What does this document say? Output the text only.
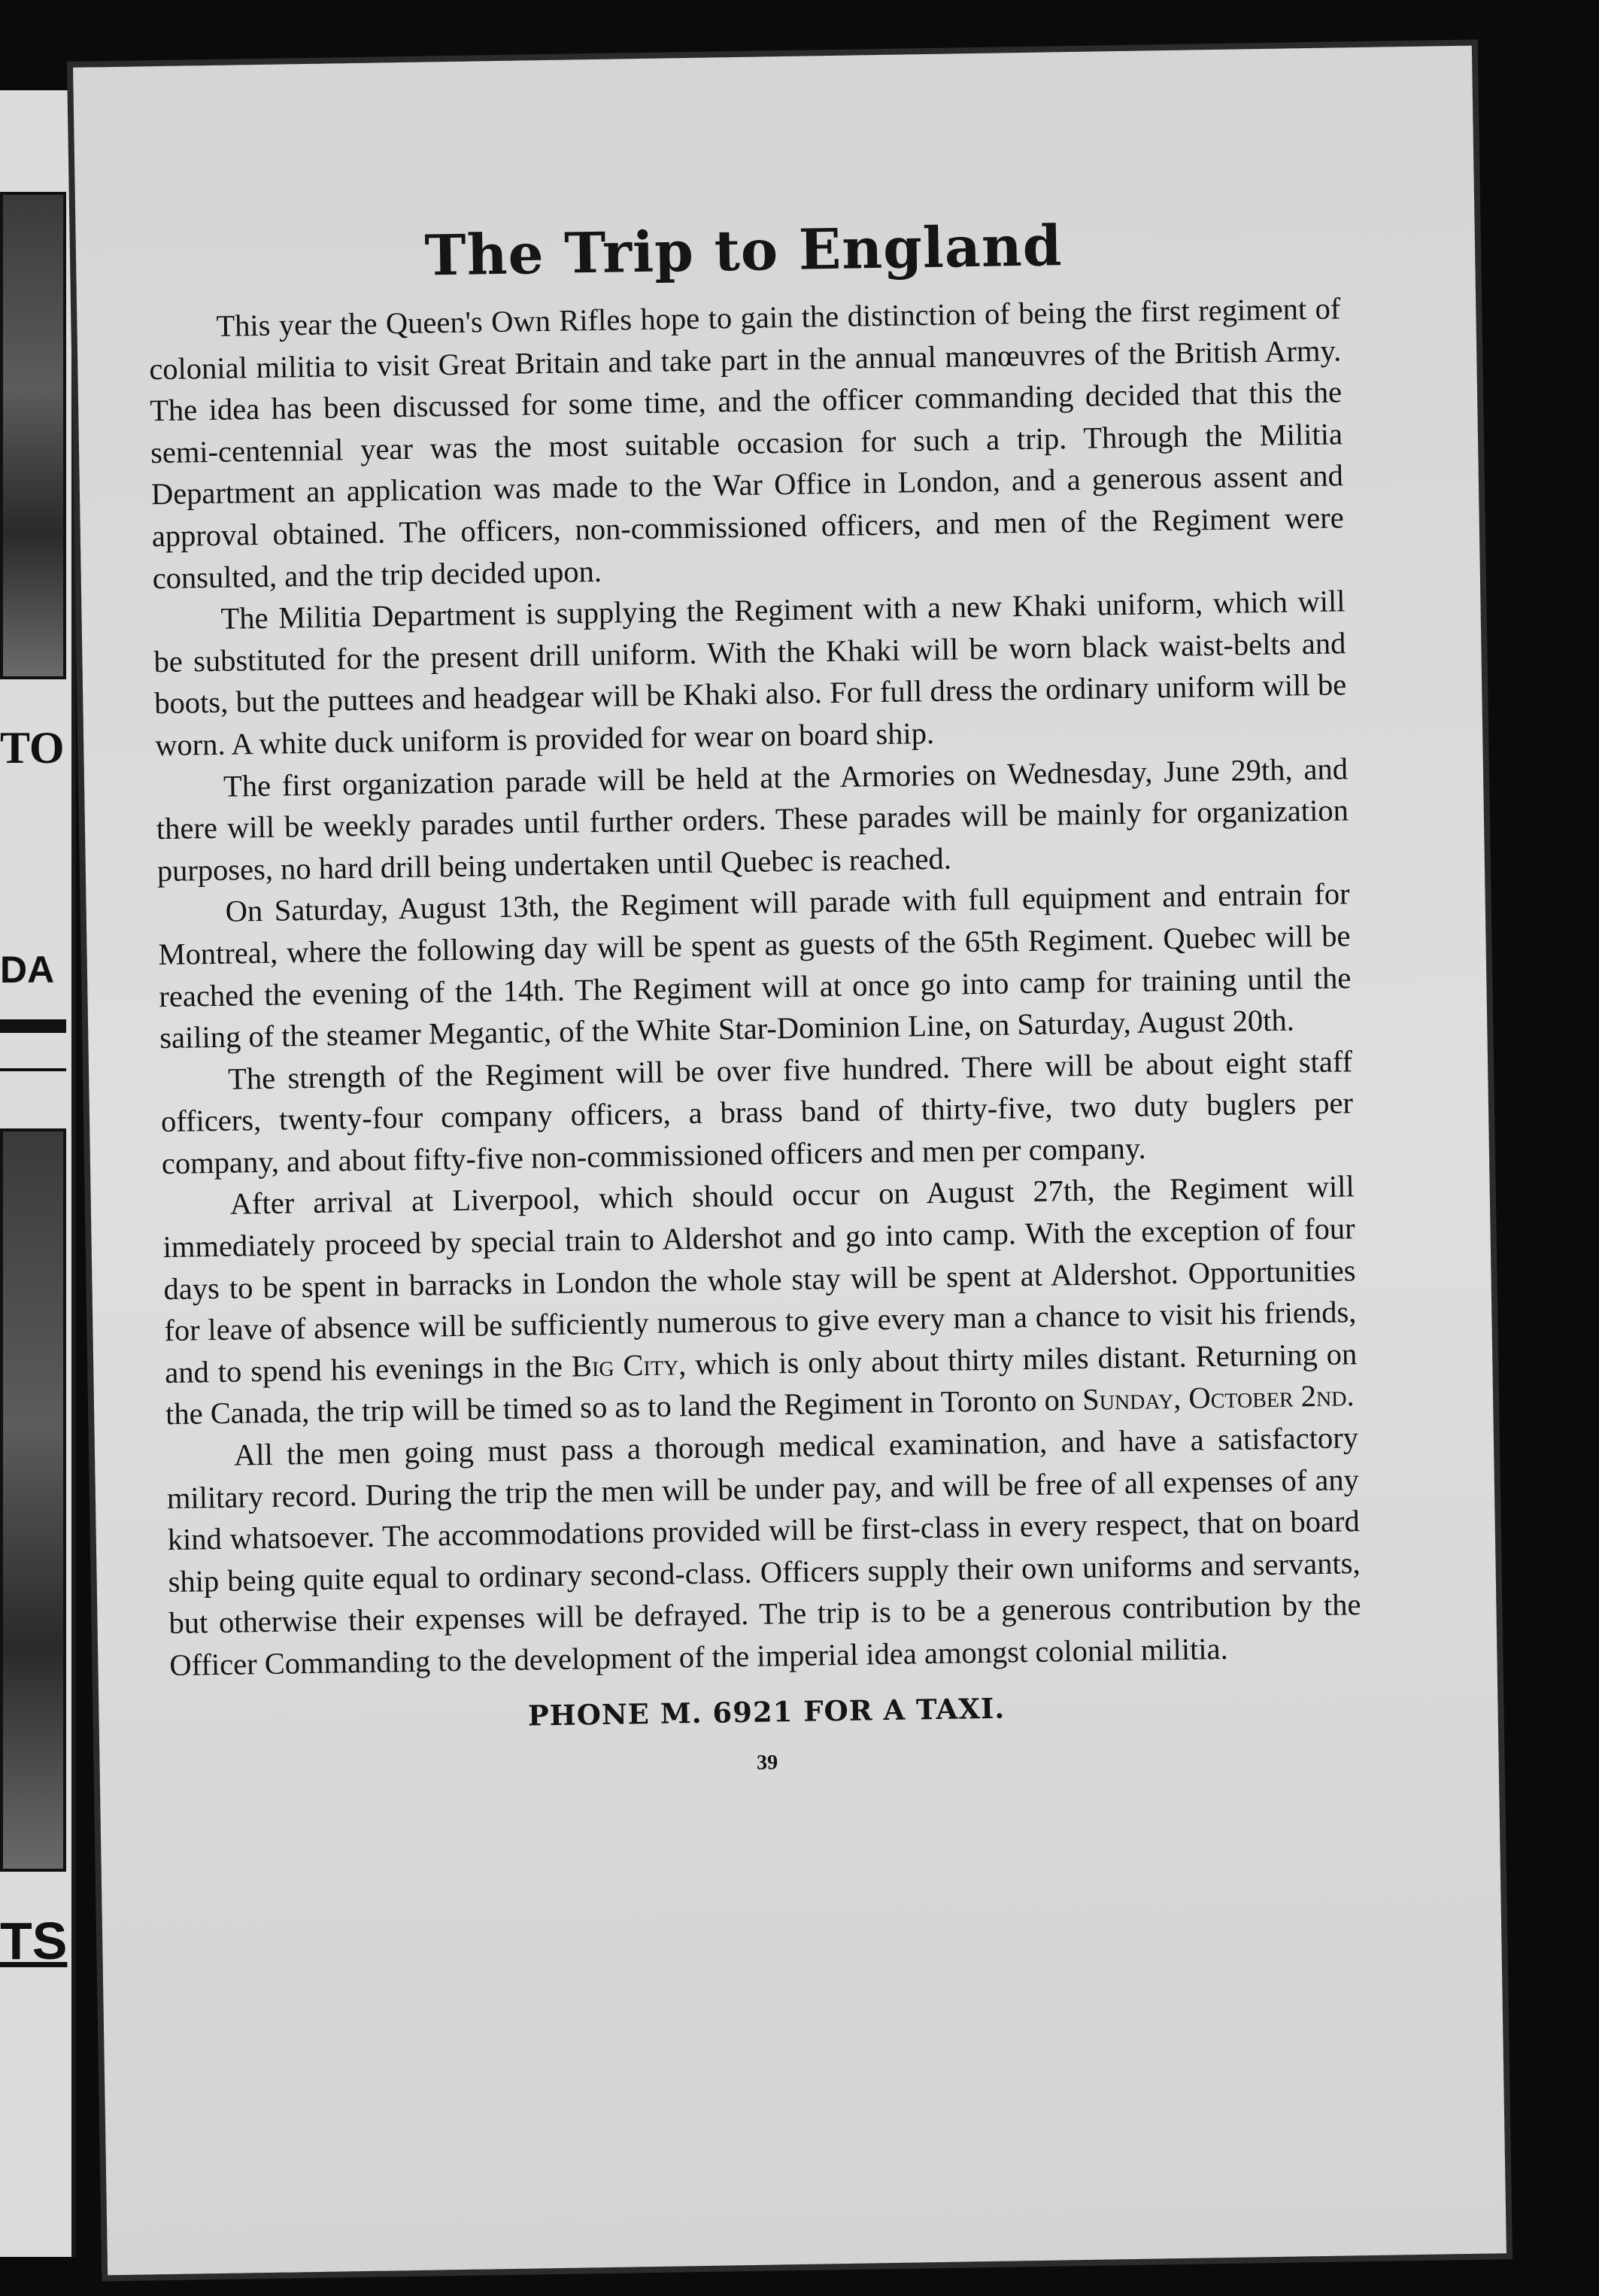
TO
DA
TS
The Trip to England

This year the Queen's Own Rifles hope to gain the distinction of being the first regiment of colonial militia to visit Great Britain and take part in the annual manœuvres of the British Army. The idea has been discussed for some time, and the officer commanding decided that this the semi-centennial year was the most suitable occasion for such a trip. Through the Militia Department an application was made to the War Office in London, and a generous assent and approval obtained. The officers, non-commissioned officers, and men of the Regiment were consulted, and the trip decided upon.

The Militia Department is supplying the Regiment with a new Khaki uniform, which will be substituted for the present drill uniform. With the Khaki will be worn black waist-belts and boots, but the puttees and headgear will be Khaki also. For full dress the ordinary uniform will be worn. A white duck uniform is provided for wear on board ship.

The first organization parade will be held at the Armories on Wednesday, June 29th, and there will be weekly parades until further orders. These parades will be mainly for organization purposes, no hard drill being undertaken until Quebec is reached.

On Saturday, August 13th, the Regiment will parade with full equipment and entrain for Montreal, where the following day will be spent as guests of the 65th Regiment. Quebec will be reached the evening of the 14th. The Regiment will at once go into camp for training until the sailing of the steamer Megantic, of the White Star-Dominion Line, on Saturday, August 20th.

The strength of the Regiment will be over five hundred. There will be about eight staff officers, twenty-four company officers, a brass band of thirty-five, two duty buglers per company, and about fifty-five non-commissioned officers and men per company.

After arrival at Liverpool, which should occur on August 27th, the Regiment will immediately proceed by special train to Aldershot and go into camp. With the exception of four days to be spent in barracks in London the whole stay will be spent at Aldershot. Opportunities for leave of absence will be sufficiently numerous to give every man a chance to visit his friends, and to spend his evenings in the Big City, which is only about thirty miles distant. Returning on the Canada, the trip will be timed so as to land the Regiment in Toronto on Sunday, October 2nd.

All the men going must pass a thorough medical examination, and have a satisfactory military record. During the trip the men will be under pay, and will be free of all expenses of any kind whatsoever. The accommodations provided will be first-class in every respect, that on board ship being quite equal to ordinary second-class. Officers supply their own uniforms and servants, but otherwise their expenses will be defrayed. The trip is to be a generous contribution by the Officer Commanding to the development of the imperial idea amongst colonial militia.

PHONE M. 6921 FOR A TAXI.
39
